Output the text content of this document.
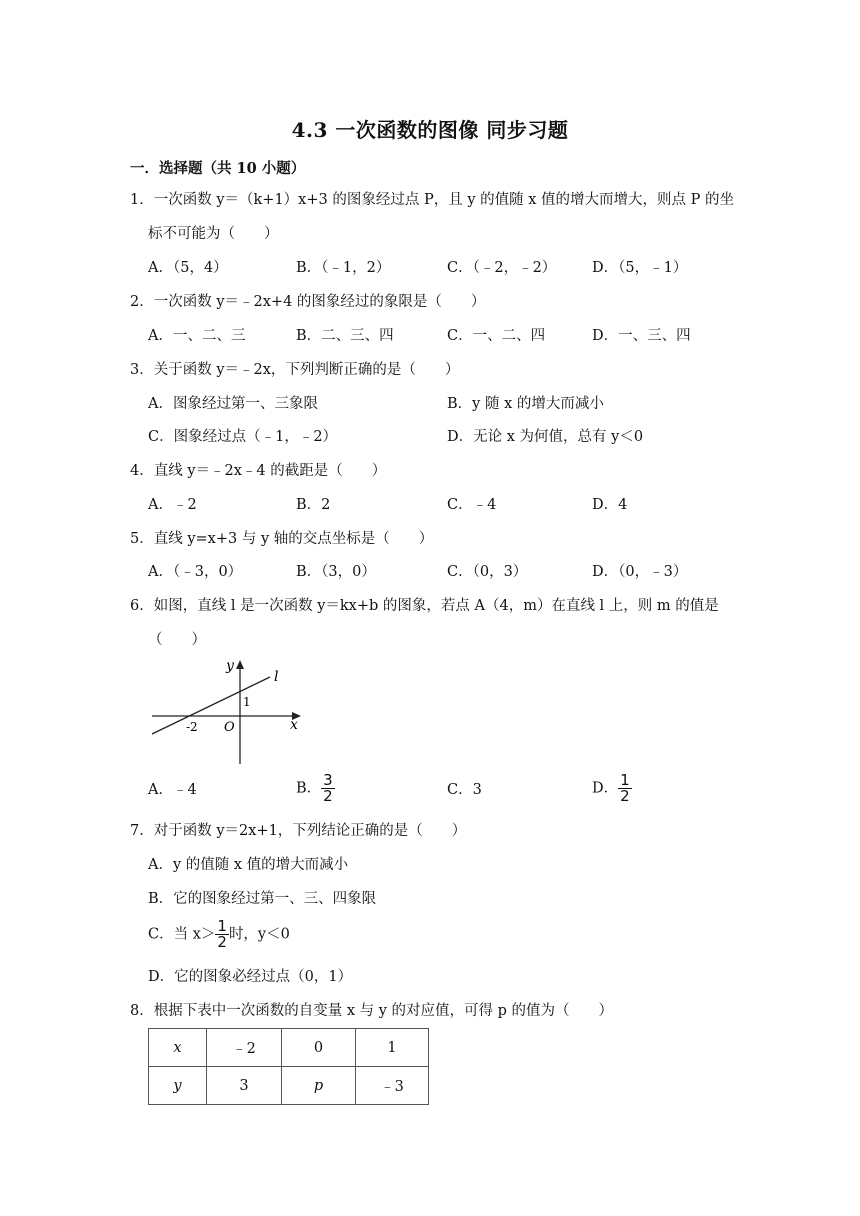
4.3 一次函数的图像 同步习题
一．选择题（共 10 小题）
1．一次函数 y＝（k+1）x+3 的图象经过点 P，且 y 的值随 x 值的增大而增大，则点 P 的坐
标不可能为（　　）
A．（5，4）	B．（﹣1，2）	C．（﹣2，﹣2） D．（5，﹣1）
2．一次函数 y＝﹣2x+4 的图象经过的象限是（　　）
A．一、二、三	B．二、三、四	C．一、二、四	D．一、三、四
3．关于函数 y＝﹣2x，下列判断正确的是（　　）
A．图象经过第一、三象限	B．y 随 x 的增大而减小
C．图象经过点（﹣1，﹣2）	D．无论 x 为何值，总有 y＜0
4．直线 y＝﹣2x﹣4 的截距是（　　）
A．﹣2	B．2	C．﹣4	D．4
5．直线 y=x+3 与 y 轴的交点坐标是（　　）
A．（﹣3，0）	B．（3，0）	C．（0，3）	D．（0，﹣3）
6．如图，直线 l 是一次函数 y＝kx+b 的图象，若点 A（4，m）在直线 l 上，则 m 的值是
（　　）
y
x
l
O
-2
1
A．﹣4	B． $\frac{3}{2}$	C．3	D． $\frac{1}{2}$
7．对于函数 y＝2x+1，下列结论正确的是（　　）
A．y 的值随 x 值的增大而减小
B．它的图象经过第一、三、四象限
C．当 $x> \frac{1}{2}$ 时，y＜0
D．它的图象必经过点（0，1）
8．根据下表中一次函数的自变量 x 与 y 的对应值，可得 p 的值为（　　）
x	﹣2	0	1
y	3	p	﹣3
